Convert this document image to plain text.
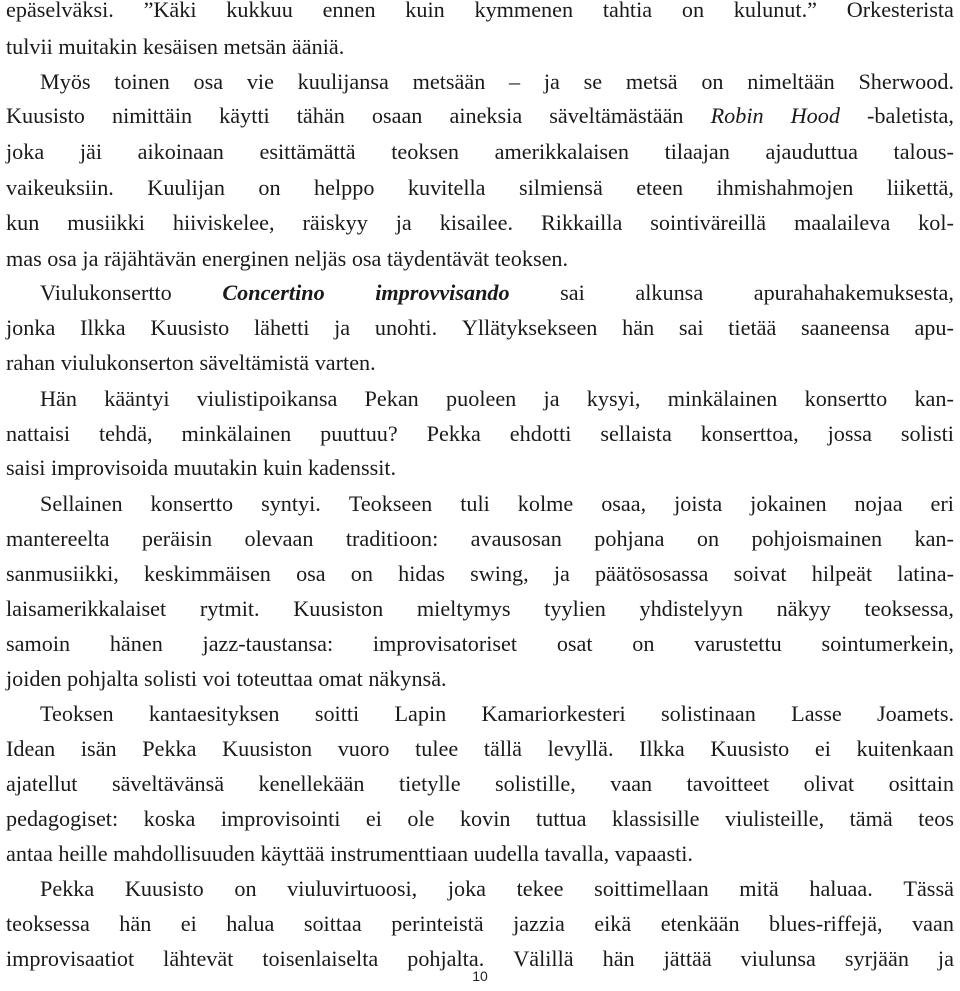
epäselväksi. ”Käki kukkuu ennen kuin kymmenen tahtia on kulunut.” Orkesterista
tulvii muitakin kesäisen metsän ääniä.
Myös toinen osa vie kuulijansa metsään – ja se metsä on nimeltään Sherwood.
Kuusisto nimittäin käytti tähän osaan aineksia säveltämästään Robin Hood -baletista,
joka jäi aikoinaan esittämättä teoksen amerikkalaisen tilaajan ajauduttua talous-
vaikeuksiin. Kuulijan on helppo kuvitella silmiensä eteen ihmishahmojen liikettä,
kun musiikki hiiviskelee, räiskyy ja kisailee. Rikkailla sointiväreillä maalaileva kol-
mas osa ja räjähtävän energinen neljäs osa täydentävät teoksen.
Viulukonsertto Concertino improvvisando sai alkunsa apurahahakemuksesta,
jonka Ilkka Kuusisto lähetti ja unohti. Yllätyksekseen hän sai tietää saaneensa apu-
rahan viulukonserton säveltämistä varten.
Hän kääntyi viulistipoikansa Pekan puoleen ja kysyi, minkälainen konsertto kan-
nattaisi tehdä, minkälainen puuttuu? Pekka ehdotti sellaista konserttoa, jossa solisti
saisi improvisoida muutakin kuin kadenssit.
Sellainen konsertto syntyi. Teokseen tuli kolme osaa, joista jokainen nojaa eri
mantereelta peräisin olevaan traditioon: avausosan pohjana on pohjoismainen kan-
sanmusiikki, keskimmäisen osa on hidas swing, ja päätösosassa soivat hilpeät latina-
laisamerikkalaiset rytmit. Kuusiston mieltymys tyylien yhdistelyyn näkyy teoksessa,
samoin hänen jazz-taustansa: improvisatoriset osat on varustettu sointumerkein,
joiden pohjalta solisti voi toteuttaa omat näkynsä.
Teoksen kantaesityksen soitti Lapin Kamariorkesteri solistinaan Lasse Joamets.
Idean isän Pekka Kuusiston vuoro tulee tällä levyllä. Ilkka Kuusisto ei kuitenkaan
ajatellut säveltävänsä kenellekään tietylle solistille, vaan tavoitteet olivat osittain
pedagogiset: koska improvisointi ei ole kovin tuttua klassisille viulisteille, tämä teos
antaa heille mahdollisuuden käyttää instrumenttiaan uudella tavalla, vapaasti.
Pekka Kuusisto on viuluvirtuoosi, joka tekee soittimellaan mitä haluaa. Tässä
teoksessa hän ei halua soittaa perinteistä jazzia eikä etenkään blues-riffejä, vaan
improvisaatiot lähtevät toisenlaiselta pohjalta. Välillä hän jättää viulunsa syrjään ja
10
